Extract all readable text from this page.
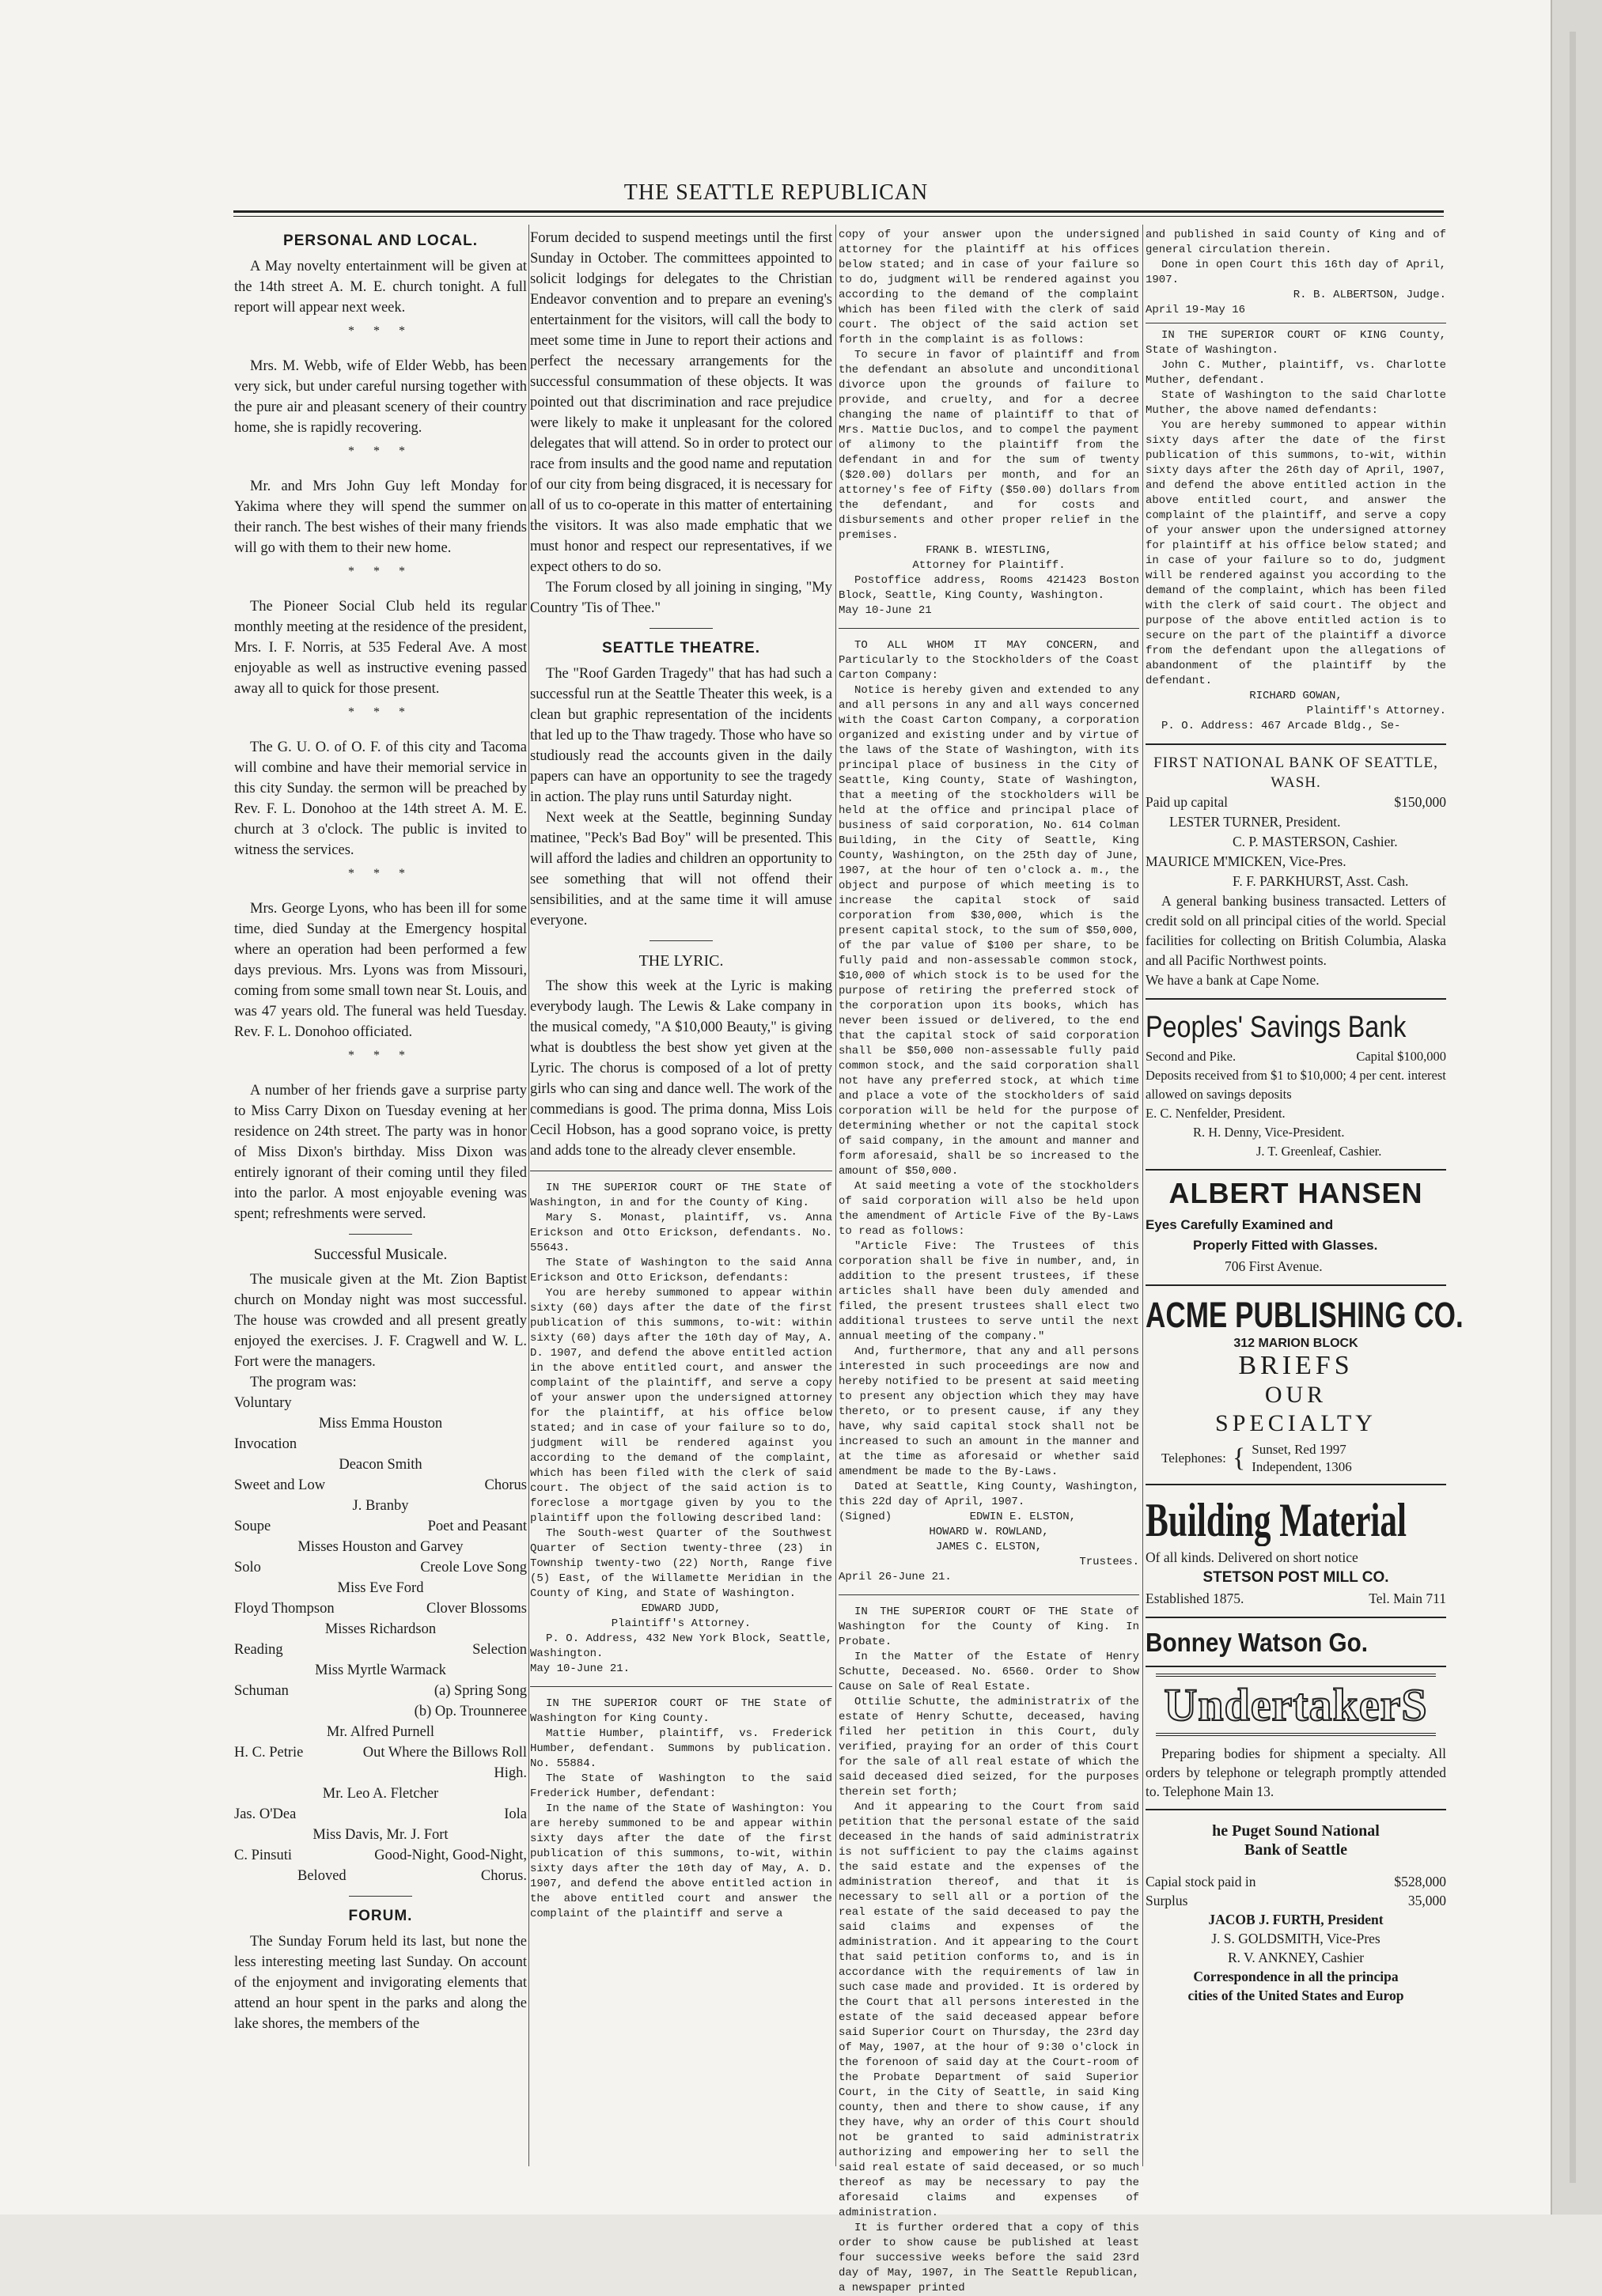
THE SEATTLE REPUBLICAN
PERSONAL AND LOCAL.

A May novelty entertainment will be given at the 14th street A. M. E. church tonight. A full report will appear next week.

* * *

Mrs. M. Webb, wife of Elder Webb, has been very sick, but under careful nursing together with the pure air and pleasant scenery of their country home, she is rapidly recovering.

* * *

Mr. and Mrs John Guy left Monday for Yakima where they will spend the summer on their ranch. The best wishes of their many friends will go with them to their new home.

* * *

The Pioneer Social Club held its regular monthly meeting at the residence of the president, Mrs. I. F. Norris, at 535 Federal Ave. A most enjoyable as well as instructive evening passed away all to quick for those present.

* * *

The G. U. O. of O. F. of this city and Tacoma will combine and have their memorial service in this city Sunday. the sermon will be preached by Rev. F. L. Donohoo at the 14th street A. M. E. church at 3 o'clock. The public is invited to witness the services.

* * *

Mrs. George Lyons, who has been ill for some time, died Sunday at the Emergency hospital where an operation had been performed a few days previous. Mrs. Lyons was from Missouri, coming from some small town near St. Louis, and was 47 years old. The funeral was held Tuesday. Rev. F. L. Donohoo officiated.

* * *

A number of her friends gave a surprise party to Miss Carry Dixon on Tuesday evening at her residence on 24th street. The party was in honor of Miss Dixon's birthday. Miss Dixon was entirely ignorant of their coming until they filed into the parlor. A most enjoyable evening was spent; refreshments were served.

Successful Musicale.

The musicale given at the Mt. Zion Baptist church on Monday night was most successful. The house was crowded and all present greatly enjoyed the exercises. J. F. Cragwell and W. L. Fort were the managers.

The program was:

Voluntary
Miss Emma Houston
Invocation
Deacon Smith
Sweet and Low	Chorus
J. Branby
Soupe	Poet and Peasant
Misses Houston and Garvey
Solo	Creole Love Song
Miss Eve Ford
Floyd Thompson	Clover Blossoms
Misses Richardson
Reading	Selection
Miss Myrtle Warmack
Schuman	(a) Spring Song
(b) Op. Trounneree
Mr. Alfred Purnell
H. C. Petrie	Out Where the Billows Roll High.
Mr. Leo A. Fletcher
Jas. O'Dea	Iola
Miss Davis, Mr. J. Fort
C. Pinsuti	Good-Night, Good-Night,
Beloved	Chorus.
FORUM.

The Sunday Forum held its last, but none the less interesting meeting last Sunday. On account of the enjoyment and invigorating elements that attend an hour spent in the parks and along the lake shores, the members of the

Forum decided to suspend meetings until the first Sunday in October. The committees appointed to solicit lodgings for delegates to the Christian Endeavor convention and to prepare an evening's entertainment for the visitors, will call the body to meet some time in June to report their actions and perfect the necessary arrangements for the successful consummation of these objects. It was pointed out that discrimination and race prejudice were likely to make it unpleasant for the colored delegates that will attend. So in order to protect our race from insults and the good name and reputation of our city from being disgraced, it is necessary for all of us to co-operate in this matter of entertaining the visitors. It was also made emphatic that we must honor and respect our representatives, if we expect others to do so.

The Forum closed by all joining in singing, "My Country 'Tis of Thee."

SEATTLE THEATRE.

The "Roof Garden Tragedy" that has had such a successful run at the Seattle Theater this week, is a clean but graphic representation of the incidents that led up to the Thaw tragedy. Those who have so studiously read the accounts given in the daily papers can have an opportunity to see the tragedy in action. The play runs until Saturday night.

Next week at the Seattle, beginning Sunday matinee, "Peck's Bad Boy" will be presented. This will afford the ladies and children an opportunity to see something that will not offend their sensibilities, and at the same time it will amuse everyone.

THE LYRIC.

The show this week at the Lyric is making everybody laugh. The Lewis & Lake company in the musical comedy, "A $10,000 Beauty," is giving what is doubtless the best show yet given at the Lyric. The chorus is composed of a lot of pretty girls who can sing and dance well. The work of the commedians is good. The prima donna, Miss Lois Cecil Hobson, has a good soprano voice, is pretty and adds tone to the already clever ensemble.

IN THE SUPERIOR COURT OF THE State of Washington, in and for the County of King.

Mary S. Monast, plaintiff, vs. Anna Erickson and Otto Erickson, defendants. No. 55643.

The State of Washington to the said Anna Erickson and Otto Erickson, defendants:

You are hereby summoned to appear within sixty (60) days after the date of the first publication of this summons, to-wit: within sixty (60) days after the 10th day of May, A. D. 1907, and defend the above entitled action in the above entitled court, and answer the complaint of the plaintiff, and serve a copy of your answer upon the undersigned attorney for the plaintiff, at his office below stated; and in case of your failure so to do, judgment will be rendered against you according to the demand of the complaint, which has been filed with the clerk of said court. The object of the said action is to foreclose a mortgage given by you to the plaintiff upon the following described land:

The South-west Quarter of the Southwest Quarter of Section twenty-three (23) in Township twenty-two (22) North, Range five (5) East, of the Willamette Meridian in the County of King, and State of Washington.

EDWARD JUDD,
Plaintiff's Attorney.

P. O. Address, 432 New York Block, Seattle, Washington.

May 10-June 21.

IN THE SUPERIOR COURT OF THE State of Washington for King County.

Mattie Humber, plaintiff, vs. Frederick Humber, defendant. Summons by publication. No. 55884.

The State of Washington to the said Frederick Humber, defendant:

In the name of the State of Washington: You are hereby summoned to be and appear within sixty days after the date of the first publication of this summons, to-wit, within sixty days after the 10th day of May, A. D. 1907, and defend the above entitled action in the above entitled court and answer the complaint of the plaintiff and serve a

copy of your answer upon the undersigned attorney for the plaintiff at his offices below stated; and in case of your failure so to do, judgment will be rendered against you according to the demand of the complaint which has been filed with the clerk of said court. The object of the said action set forth in the complaint is as follows:

To secure in favor of plaintiff and from the defendant an absolute and unconditional divorce upon the grounds of failure to provide, and cruelty, and for a decree changing the name of plaintiff to that of Mrs. Mattie Duclos, and to compel the payment of alimony to the plaintiff from the defendant in and for the sum of twenty ($20.00) dollars per month, and for an attorney's fee of Fifty ($50.00) dollars from the defendant, and for costs and disbursements and other proper relief in the premises.

FRANK B. WIESTLING,
Attorney for Plaintiff.

Postoffice address, Rooms 421423 Boston Block, Seattle, King County, Washington.

May 10-June 21

TO ALL WHOM IT MAY CONCERN, and Particularly to the Stockholders of the Coast Carton Company:

Notice is hereby given and extended to any and all persons in any and all ways concerned with the Coast Carton Company, a corporation organized and existing under and by virtue of the laws of the State of Washington, with its principal place of business in the City of Seattle, King County, State of Washington, that a meeting of the stockholders will be held at the office and principal place of business of said corporation, No. 614 Colman Building, in the City of Seattle, King County, Washington, on the 25th day of June, 1907, at the hour of ten o'clock a. m., the object and purpose of which meeting is to increase the capital stock of said corporation from $30,000, which is the present capital stock, to the sum of $50,000, of the par value of $100 per share, to be fully paid and non-assessable common stock, $10,000 of which stock is to be used for the purpose of retiring the preferred stock of the corporation upon its books, which has never been issued or delivered, to the end that the capital stock of said corporation shall be $50,000 non-assessable fully paid common stock, and the said corporation shall not have any preferred stock, at which time and place a vote of the stockholders of said corporation will be held for the purpose of determining whether or not the capital stock of said company, in the amount and manner and form aforesaid, shall be so increased to the amount of $50,000.

At said meeting a vote of the stockholders of said corporation will also be held upon the amendment of Article Five of the By-Laws to read as follows:

"Article Five: The Trustees of this corporation shall be five in number, and, in addition to the present trustees, if these articles shall have been duly amended and filed, the present trustees shall elect two additional trustees to serve until the next annual meeting of the company."

And, furthermore, that any and all persons interested in such proceedings are now and hereby notified to be present at said meeting to present any objection which they may have thereto, or to present cause, if any they have, why said capital stock shall not be increased to such an amount in the manner and at the time as aforesaid or whether said amendment be made to the By-Laws.

Dated at Seattle, King County, Washington, this 22d day of April, 1907.

(Signed)	EDWIN E. ELSTON,
HOWARD W. ROWLAND,
JAMES C. ELSTON,
Trustees.
April 26-June 21.

IN THE SUPERIOR COURT OF THE State of Washington for the County of King. In Probate.

In the Matter of the Estate of Henry Schutte, Deceased. No. 6560. Order to Show Cause on Sale of Real Estate.

Ottilie Schutte, the administratrix of the estate of Henry Schutte, deceased, having filed her petition in this Court, duly verified, praying for an order of this Court for the sale of all real estate of which the said deceased died seized, for the purposes therein set forth;

And it appearing to the Court from said petition that the personal estate of the said deceased in the hands of said administratrix is not sufficient to pay the claims against the said estate and the expenses of the administration thereof, and that it is necessary to sell all or a portion of the real estate of the said deceased to pay the said claims and expenses of the administration. And it appearing to the Court that said petition conforms to, and is in accordance with the requirements of law in such case made and provided. It is ordered by the Court that all persons interested in the estate of the said deceased appear before said Superior Court on Thursday, the 23rd day of May, 1907, at the hour of 9:30 o'clock in the forenoon of said day at the Court-room of the Probate Department of said Superior Court, in the City of Seattle, in said King county, then and there to show cause, if any they have, why an order of this Court should not be granted to said administratrix authorizing and empowering her to sell the said real estate of said deceased, or so much thereof as may be necessary to pay the aforesaid claims and expenses of administration.

It is further ordered that a copy of this order to show cause be published at least four successive weeks before the said 23rd day of May, 1907, in The Seattle Republican, a newspaper printed

and published in said County of King and of general circulation therein.

Done in open Court this 16th day of April, 1907.

R. B. ALBERTSON, Judge.
April 19-May 16

IN THE SUPERIOR COURT OF KING County, State of Washington.

John C. Muther, plaintiff, vs. Charlotte Muther, defendant.

State of Washington to the said Charlotte Muther, the above named defendants:

You are hereby summoned to appear within sixty days after the date of the first publication of this summons, to-wit, within sixty days after the 26th day of April, 1907, and defend the above entitled action in the above entitled court, and answer the complaint of the plaintiff, and serve a copy of your answer upon the undersigned attorney for plaintiff at his office below stated; and in case of your failure so to do, judgment will be rendered against you according to the demand of the complaint, which has been filed with the clerk of said court. The object and purpose of the above entitled action is to secure on the part of the plaintiff a divorce from the defendant upon the allegations of abandonment of the plaintiff by the defendant.

RICHARD GOWAN,
Plaintiff's Attorney.
P. O. Address: 467 Arcade Bldg., Se-
FIRST NATIONAL BANK OF SEATTLE, WASH.
Paid up capital	$150,000
LESTER TURNER, President.
C. P. MASTERSON, Cashier.
MAURICE M'MICKEN, Vice-Pres.
F. F. PARKHURST, Asst. Cash.

A general banking business transacted. Letters of credit sold on all principal cities of the world. Special facilities for collecting on British Columbia, Alaska and all Pacific Northwest points.

We have a bank at Cape Nome.
Peoples' Savings Bank
Second and Pike.	Capital $100,000
Deposits received from $1 to $10,000; 4 per cent. interest allowed on savings deposits
E. C. Nenfelder, President.
R. H. Denny, Vice-President.
J. T. Greenleaf, Cashier.
ALBERT HANSEN
Eyes Carefully Examined and
Properly Fitted with Glasses.
706 First Avenue.
ACME PUBLISHING CO.
312 MARION BLOCK
BRIEFS
OUR
SPECIALTY
Telephones: { Sunset, Red 1997
Independent, 1306
Building Material
Of all kinds. Delivered on short notice
STETSON POST MILL CO.
Established 1875.	Tel. Main 711
Bonney Watson Go.
UndertakerS

Preparing bodies for shipment a specialty. All orders by telephone or telegraph promptly attended to. Telephone Main 13.

he Puget Sound National
Bank of Seattle
Capial stock paid in	$528,000
Surplus	35,000
JACOB J. FURTH, President
J. S. GOLDSMITH, Vice-Pres
R. V. ANKNEY, Cashier
Correspondence in all the principa
cities of the United States and Europ
